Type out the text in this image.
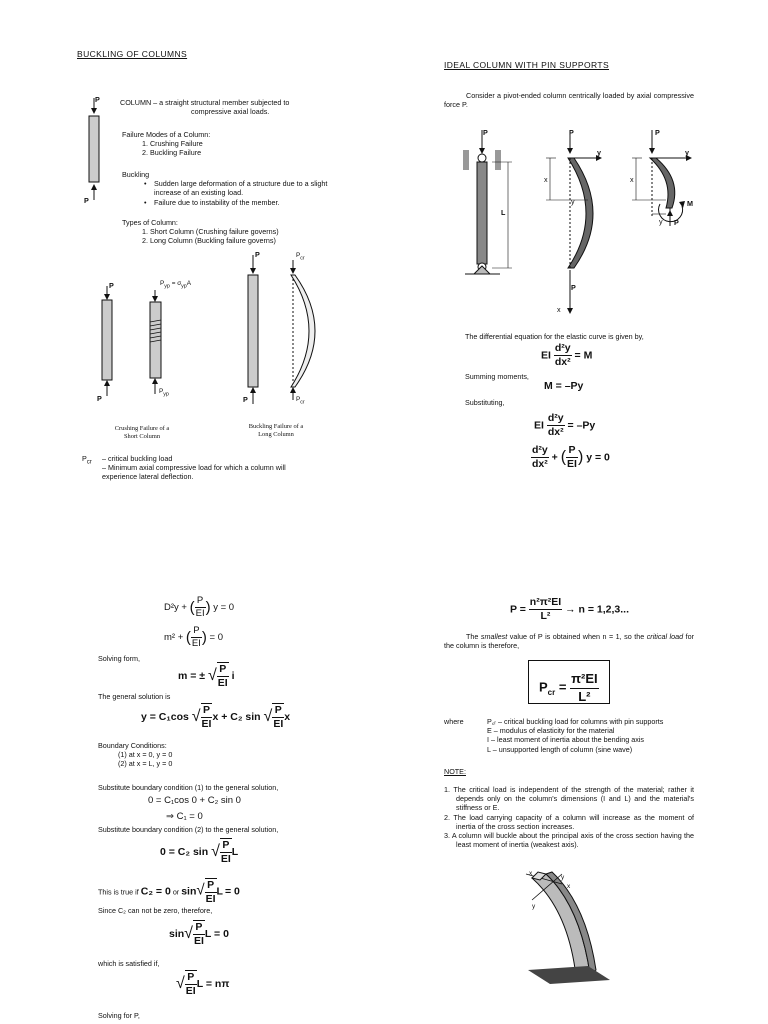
BUCKLING OF COLUMNS
P
P
COLUMN – a straight structural member subjected to
compressive axial loads.
Failure Modes of a Column:
1. Crushing Failure
2. Buckling Failure
Buckling
• Sudden large deformation of a structure due to a slight increase of an existing load.
• Failure due to instability of the member.
Types of Column:
1. Short Column (Crushing failure governs)
2. Long Column (Buckling failure governs)
P
P
$P_{yp} = \sigma_{yp}A$
$P_{yp}$
P
P
$P_{cr}$
$P_{cr}$
Crushing Failure of a
Short Column
Buckling Failure of a
Long Column
$P_{cr}$ – critical buckling load
– Minimum axial compressive load for which a column will
experience lateral deflection.
IDEAL COLUMN WITH PIN SUPPORTS
Consider a pivot-ended column centrically loaded by axial compressive force P.
P
L
P
y
x
y
P
x
P
y
x
M
y P
The differential equation for the elastic curve is given by,
EI $\frac{\text{d²y}}{\text{dx²}} = M$
Summing moments,
M = –Py
Substituting,
EI $\frac{\text{d²y}}{\text{dx²}} = -Py$
$\frac{\text{d²y}}{\text{dx²}}$ + ( $\frac{P}{EI}$ ) y = 0
D²y + ( $\frac{P}{EI}$ ) y = 0
m² + ( $\frac{P}{EI}$ ) = 0
Solving form,
m = ± √ $\frac{P}{EI}$ i
The general solution is
y = C₁cos √ $\frac{P}{EI}$ x + C₂ sin √ $\frac{P}{EI}$ x
Boundary Conditions:
(1) at x = 0, y = 0
(2) at x = L, y = 0
Substitute boundary condition (1) to the general solution,
0 = C₁cos 0 + C₂ sin 0
⇒ C₁ = 0
Substitute boundary condition (2) to the general solution,
0 = C₂ sin √ $\frac{P}{EI}$ L
This is true if C₂ = 0 or $\sin√ \frac{P}{EI}$ L = 0
Since C₂ can not be zero, therefore,
$\sin√ \frac{P}{EI}$ L = 0
which is satisfied if,
√ $\frac{P}{EI}$ L = nπ
Solving for P,
$P = \frac{\text{n²π²EI}}{\text{L²}} \to n = 1,2,3$...
The smallest value of P is obtained when n = 1, so the critical load for the column is therefore,
$P_{cr} = \frac{\text{π²EI}}{\text{L²}}$
where	P꜀ᵣ – critical buckling load for columns with pin supports
E – modulus of elasticity for the material
I – least moment of inertia about the bending axis
L – unsupported length of column (sine wave)
NOTE:
1. The critical load is independent of the strength of the material; rather it depends only on the column's dimensions (I and L) and the material's stiffness or E.
2. The load carrying capacity of a column will increase as the moment of inertia of the cross section increases.
3. A column will buckle about the principal axis of the cross section having the least moment of inertia (weakest axis).
x
y
x
y
